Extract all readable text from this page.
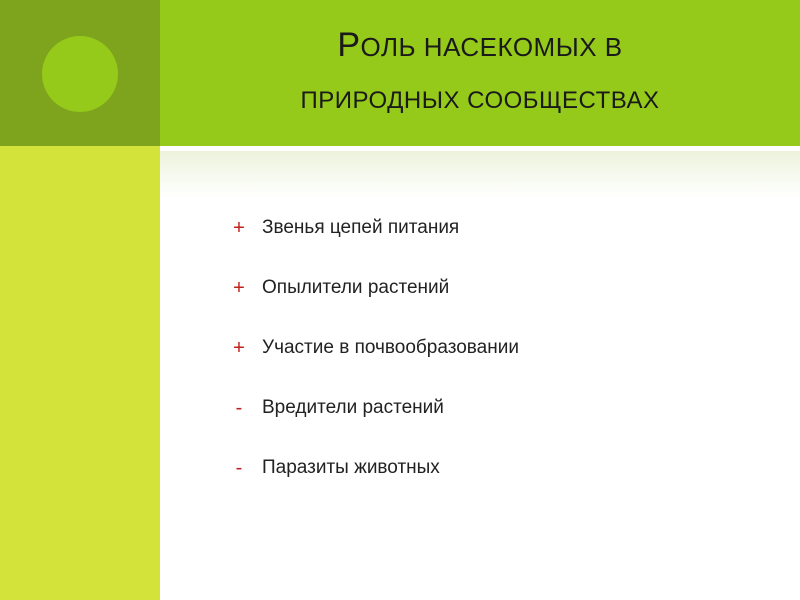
РОЛЬ НАСЕКОМЫХ В
ПРИРОДНЫХ СООБЩЕСТВАХ
+ Звенья цепей питания
+ Опылители растений
+ Участие в почвообразовании
-	Вредители растений
-	Паразиты животных
